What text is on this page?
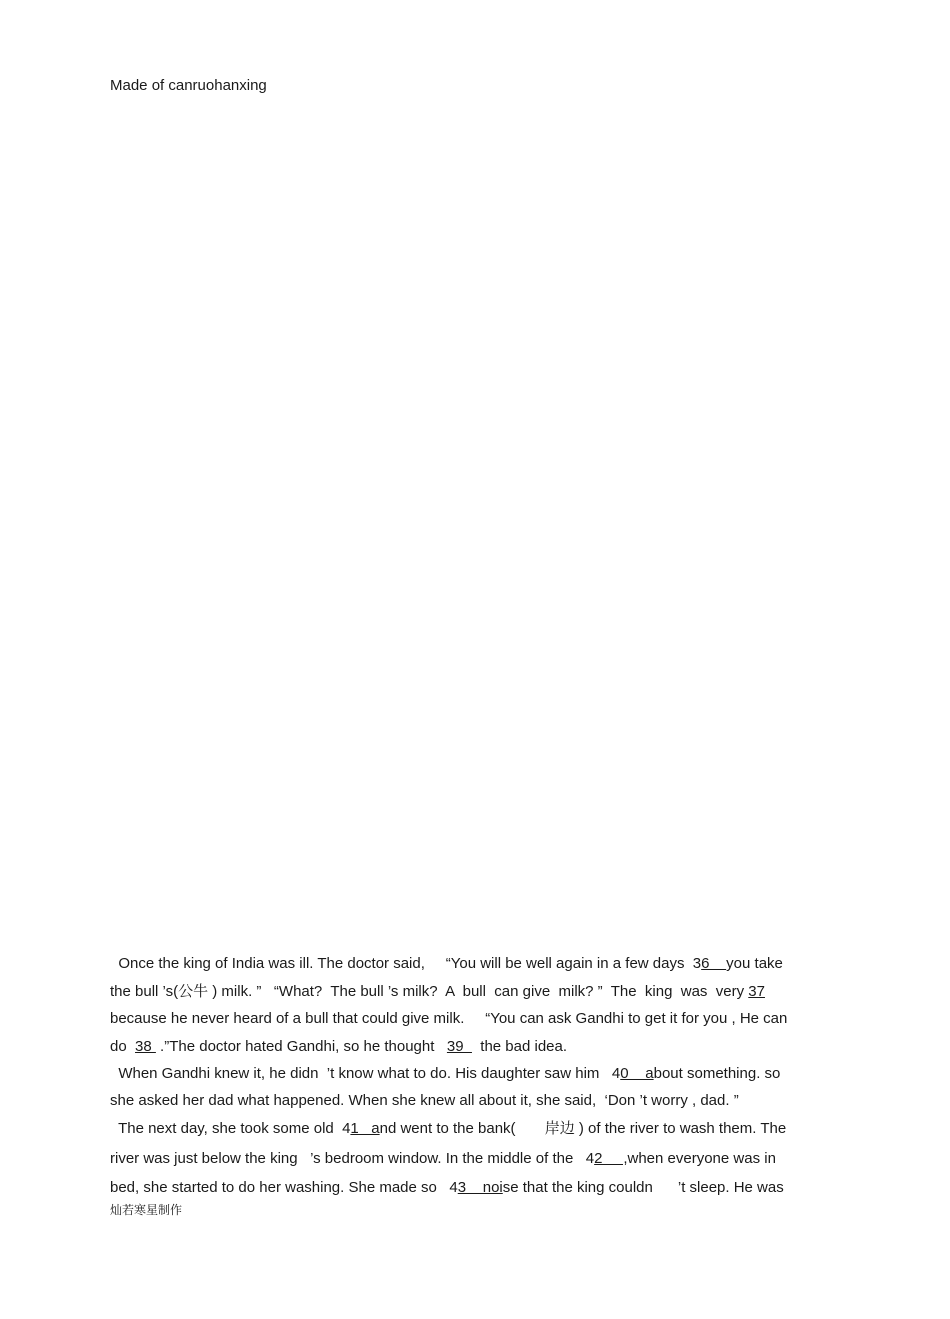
Made of canruohanxing
灿若寒星制作
Once the king of India was ill. The doctor said,     “You will be well again in a few days  36    you take
the bull ’s(公牛 ) milk. ”   “What?  The bull ’s milk?  A  bull  can give  milk? ”  The  king  was  very 37
because he never heard of a bull that could give milk.     “You can ask Gandhi to get it for you , He can
do  38  .”The doctor hated Gandhi, so he thought   39    the bad idea.
When Gandhi knew it, he didn  ’t know what to do. His daughter saw him   40    about something. so
she asked her dad what happened. When she knew all about it, she said,  ‘Don ’t worry , dad. ”
The next day, she took some old  41   and went to the bank(       岸边 ) of the river to wash them. The
river was just below the king   ’s bedroom window. In the middle of the   42     ,when everyone was in
bed, she started to do her washing. She made so   43    noise that the king couldn      ’t sleep. He was
